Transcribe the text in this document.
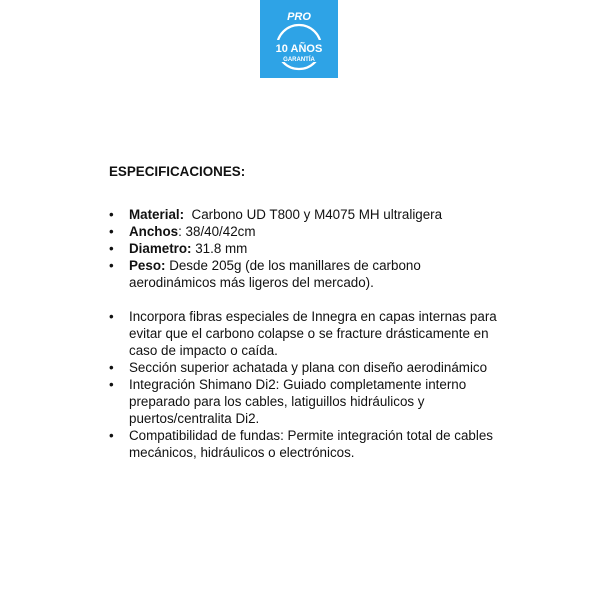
PRO
10 AÑOS
GARANTÍA
ESPECIFICACIONES:
• Material:  Carbono UD T800 y M4075 MH ultraligera
• Anchos: 38/40/42cm
• Diametro: 31.8 mm
• Peso: Desde 205g (de los manillares de carbono aerodinámicos más ligeros del mercado).
• Incorpora fibras especiales de Innegra en capas internas para evitar que el carbono colapse o se fracture drásticamente en caso de impacto o caída.
• Sección superior achatada y plana con diseño aerodinámico
• Integración Shimano Di2: Guiado completamente interno preparado para los cables, latiguillos hidráulicos y puertos/centralita Di2.
• Compatibilidad de fundas: Permite integración total de cables mecánicos, hidráulicos o electrónicos.
